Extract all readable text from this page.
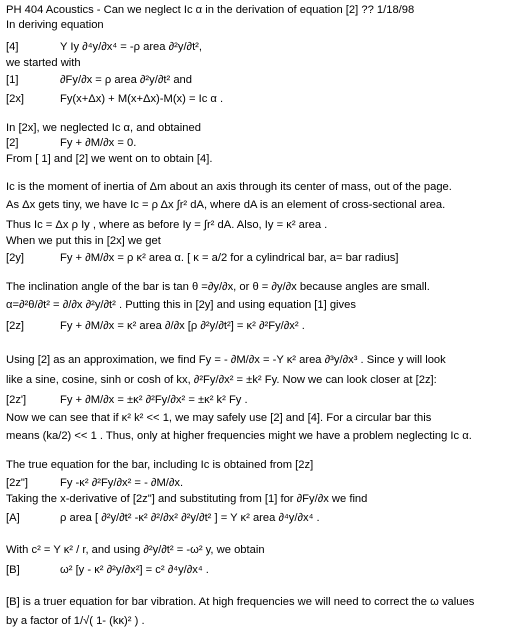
PH 404 Acoustics - Can we neglect Ic α in the derivation of equation [2] ?? 1/18/98
In deriving equation
[4]	Y Iy ∂⁴y/∂x⁴ = -ρ area ∂²y/∂t²,
we started with
[1]	∂Fy/∂x = ρ area ∂²y/∂t² and
[2x]	Fy(x+Δx) + M(x+Δx)-M(x) = Ic α .
In [2x], we neglected Ic α, and obtained
[2]	Fy + ∂M/∂x = 0.
From [ 1] and [2] we went on to obtain [4].
Ic is the moment of inertia of Δm about an axis through its center of mass, out of the page.
As Δx gets tiny, we have Ic = ρ Δx ∫r² dA, where dA is an element of cross-sectional area.
Thus Ic = Δx ρ Iy , where as before Iy = ∫r² dA. Also, Iy = κ² area .
When we put this in [2x] we get
[2y]	Fy + ∂M/∂x = ρ κ² area α. [ κ = a/2 for a cylindrical bar, a= bar radius]
The inclination angle of the bar is tan θ =∂y/∂x, or θ = ∂y/∂x because angles are small.
α=∂²θ/∂t² = ∂/∂x ∂²y/∂t² . Putting this in [2y] and using equation [1] gives
[2z]	Fy + ∂M/∂x = κ² area ∂/∂x [ρ ∂²y/∂t²] = κ² ∂²Fy/∂x² .
Using [2] as an approximation, we find Fy = - ∂M/∂x = -Y κ² area ∂³y/∂x³ . Since y will look
like a sine, cosine, sinh or cosh of kx, ∂²Fy/∂x² = ±k² Fy. Now we can look closer at [2z]:
[2z']	Fy + ∂M/∂x = ±κ² ∂²Fy/∂x² = ±κ² k² Fy .
Now we can see that if κ² k² << 1, we may safely use [2] and [4]. For a circular bar this
means (ka/2) << 1 . Thus, only at higher frequencies might we have a problem neglecting Ic α.
The true equation for the bar, including Ic is obtained from [2z]
[2z"]	Fy -κ² ∂²Fy/∂x² = - ∂M/∂x.
Taking the x-derivative of [2z"] and substituting from [1] for ∂Fy/∂x we find
[A]	ρ area [ ∂²y/∂t² -κ² ∂²/∂x² ∂²y/∂t² ] = Y κ² area ∂⁴y/∂x⁴ .
With c² = Y κ² / r, and using ∂²y/∂t² = -ω² y, we obtain
[B]	ω² [y - κ² ∂²y/∂x²] = c² ∂⁴y/∂x⁴ .
[B] is a truer equation for bar vibration. At high frequencies we will need to correct the ω values
by a factor of 1/√( 1- (kκ)² ) .
